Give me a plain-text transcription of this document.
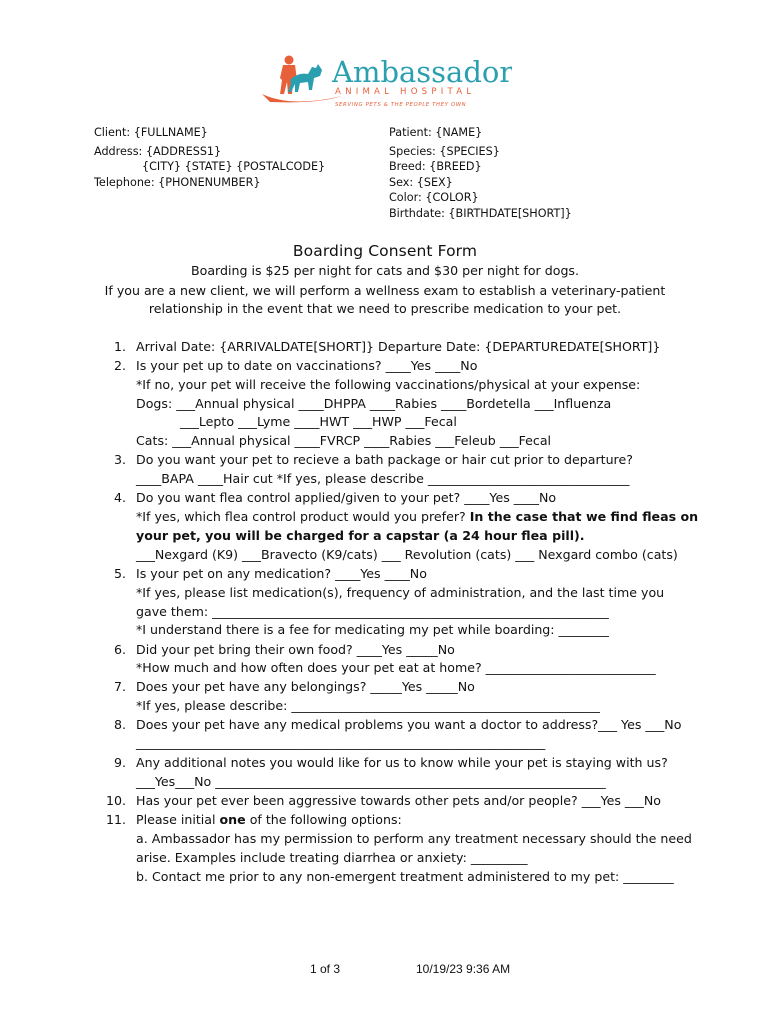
Ambassador
ANIMAL HOSPITAL
SERVING PETS & THE PEOPLE THEY OWN
Client: {FULLNAME}
Address: {ADDRESS1}
{CITY} {STATE} {POSTALCODE}
Telephone: {PHONENUMBER}
Patient: {NAME}
Species: {SPECIES}
Breed: {BREED}
Sex: {SEX}
Color: {COLOR}
Birthdate: {BIRTHDATE[SHORT]}
Boarding Consent Form
Boarding is $25 per night for cats and $30 per night for dogs.
If you are a new client, we will perform a wellness exam to establish a veterinary-patient
relationship in the event that we need to prescribe medication to your pet.
1. Arrival Date: {ARRIVALDATE[SHORT]} Departure Date: {DEPARTUREDATE[SHORT]}
2. Is your pet up to date on vaccinations? ____Yes ____No
*If no, your pet will receive the following vaccinations/physical at your expense:
Dogs: ___Annual physical ____DHPPA ____Rabies ____Bordetella ___Influenza
___Lepto ___Lyme ____HWT ___HWP ___Fecal
Cats: ___Annual physical ____FVRCP ____Rabies ___Feleub ___Fecal
3. Do you want your pet to recieve a bath package or hair cut prior to departure?
____BAPA ____Hair cut *If yes, please describe ________________________________
4. Do you want flea control applied/given to your pet? ____Yes ____No
*If yes, which flea control product would you prefer? In the case that we find fleas on
your pet, you will be charged for a capstar (a 24 hour flea pill).
___Nexgard (K9) ___Bravecto (K9/cats) ___ Revolution (cats) ___ Nexgard combo (cats)
5. Is your pet on any medication? ____Yes ____No
*If yes, please list medication(s), frequency of administration, and the last time you
gave them: _______________________________________________________________
*I understand there is a fee for medicating my pet while boarding: ________
6. Did your pet bring their own food? ____Yes _____No
*How much and how often does your pet eat at home? ___________________________
7. Does your pet have any belongings? _____Yes _____No
*If yes, please describe: _________________________________________________
8. Does your pet have any medical problems you want a doctor to address?___ Yes ___No
_________________________________________________________________
9. Any additional notes you would like for us to know while your pet is staying with us?
___Yes___No ______________________________________________________________
10. Has your pet ever been aggressive towards other pets and/or people? ___Yes ___No
11. Please initial one of the following options:
a. Ambassador has my permission to perform any treatment necessary should the need
arise. Examples include treating diarrhea or anxiety: _________
b. Contact me prior to any non-emergent treatment administered to my pet: ________
1 of 3	10/19/23 9:36 AM
